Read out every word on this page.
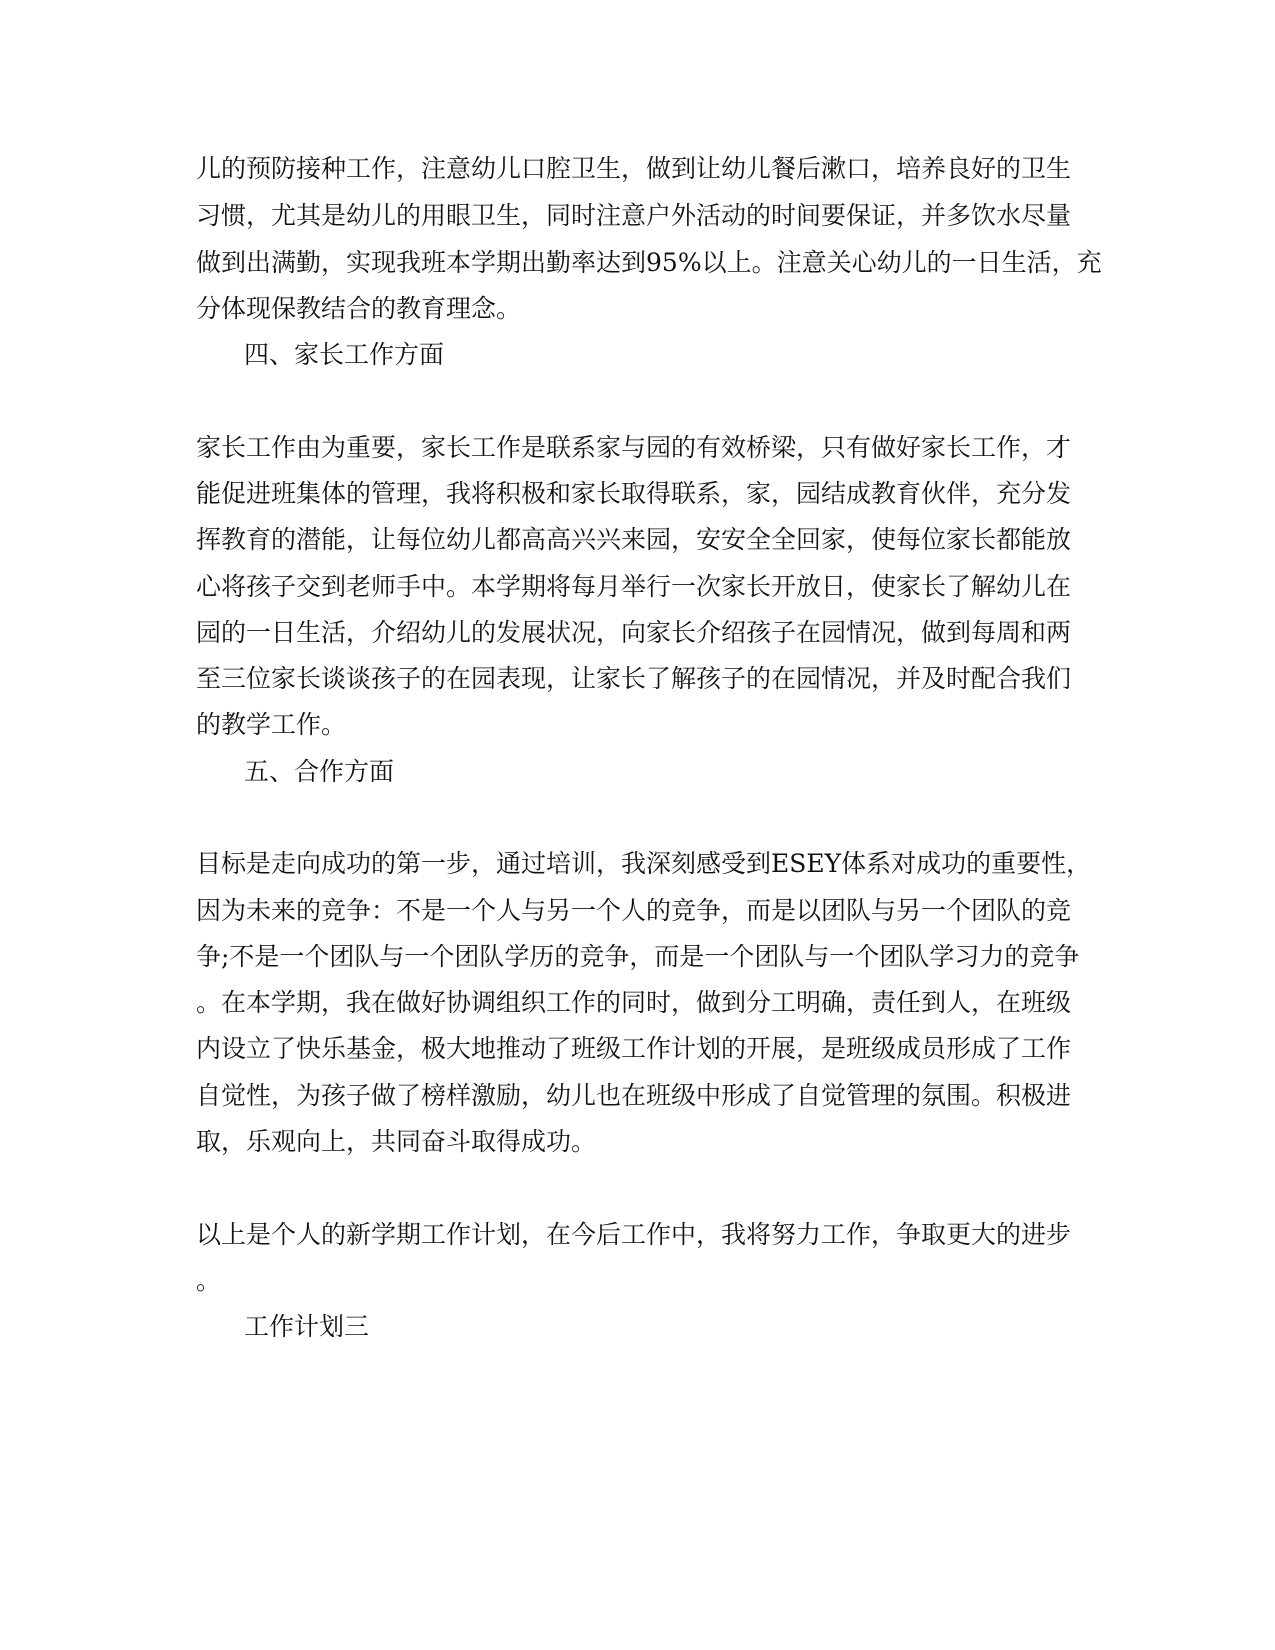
儿的预防接种工作，注意幼儿口腔卫生，做到让幼儿餐后漱口，培养良好的卫生
习惯，尤其是幼儿的用眼卫生，同时注意户外活动的时间要保证，并多饮水尽量
做到出满勤，实现我班本学期出勤率达到95%以上。注意关心幼儿的一日生活，充
分体现保教结合的教育理念。
四、家长工作方面
家长工作由为重要，家长工作是联系家与园的有效桥梁，只有做好家长工作，才
能促进班集体的管理，我将积极和家长取得联系，家，园结成教育伙伴，充分发
挥教育的潜能，让每位幼儿都高高兴兴来园，安安全全回家，使每位家长都能放
心将孩子交到老师手中。本学期将每月举行一次家长开放日，使家长了解幼儿在
园的一日生活，介绍幼儿的发展状况，向家长介绍孩子在园情况，做到每周和两
至三位家长谈谈孩子的在园表现，让家长了解孩子的在园情况，并及时配合我们
的教学工作。
五、合作方面
目标是走向成功的第一步，通过培训，我深刻感受到ESEY体系对成功的重要性，
因为未来的竞争：不是一个人与另一个人的竞争，而是以团队与另一个团队的竞
争;不是一个团队与一个团队学历的竞争，而是一个团队与一个团队学习力的竞争
。在本学期，我在做好协调组织工作的同时，做到分工明确，责任到人，在班级
内设立了快乐基金，极大地推动了班级工作计划的开展，是班级成员形成了工作
自觉性，为孩子做了榜样激励，幼儿也在班级中形成了自觉管理的氛围。积极进
取，乐观向上，共同奋斗取得成功。
以上是个人的新学期工作计划，在今后工作中，我将努力工作，争取更大的进步
。
工作计划三
